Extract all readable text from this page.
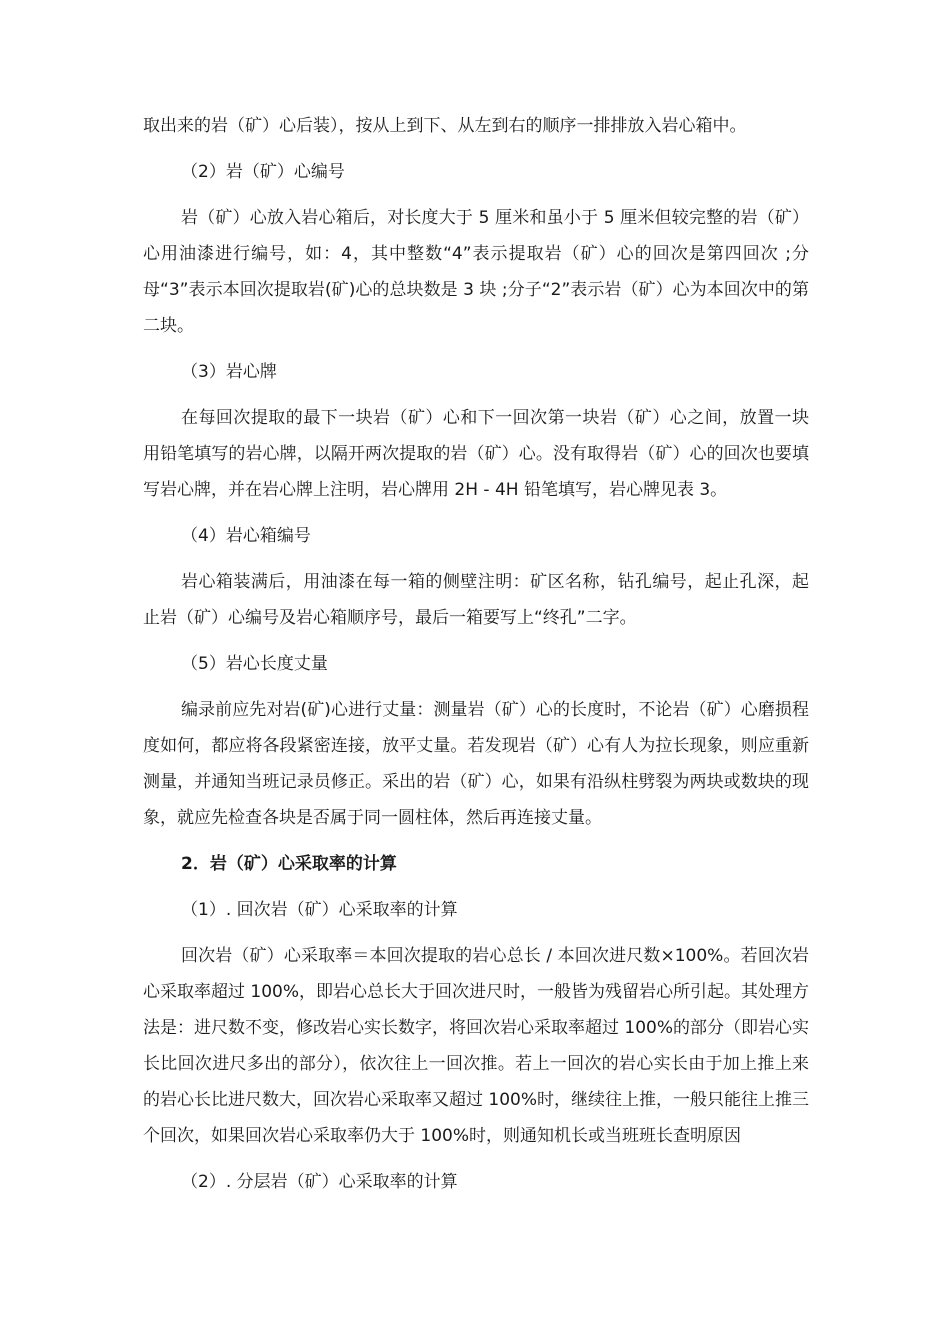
取出来的岩（矿）心后装），按从上到下、从左到右的顺序一排排放入岩心箱中。

（2）岩（矿）心编号

岩（矿）心放入岩心箱后，对长度大于 5 厘米和虽小于 5 厘米但较完整的岩（矿）心用油漆进行编号，如：4，其中整数“4”表示提取岩（矿）心的回次是第四回次 ;分母“3”表示本回次提取岩(矿)心的总块数是 3 块 ;分子“2”表示岩（矿）心为本回次中的第二块。

（3）岩心牌

在每回次提取的最下一块岩（矿）心和下一回次第一块岩（矿）心之间，放置一块用铅笔填写的岩心牌，以隔开两次提取的岩（矿）心。没有取得岩（矿）心的回次也要填写岩心牌，并在岩心牌上注明，岩心牌用 2H - 4H 铅笔填写，岩心牌见表 3。

（4）岩心箱编号

岩心箱装满后，用油漆在每一箱的侧壁注明：矿区名称，钻孔编号，起止孔深，起止岩（矿）心编号及岩心箱顺序号，最后一箱要写上“终孔”二字。

（5）岩心长度丈量

编录前应先对岩(矿)心进行丈量：测量岩（矿）心的长度时，不论岩（矿）心磨损程度如何，都应将各段紧密连接，放平丈量。若发现岩（矿）心有人为拉长现象，则应重新测量，并通知当班记录员修正。采出的岩（矿）心，如果有沿纵柱劈裂为两块或数块的现象，就应先检查各块是否属于同一圆柱体，然后再连接丈量。

2．岩（矿）心采取率的计算

（1）. 回次岩（矿）心采取率的计算

回次岩（矿）心采取率＝本回次提取的岩心总长 / 本回次进尺数×100%。若回次岩心采取率超过 100%，即岩心总长大于回次进尺时，一般皆为残留岩心所引起。其处理方法是：进尺数不变，修改岩心实长数字，将回次岩心采取率超过 100%的部分（即岩心实长比回次进尺多出的部分），依次往上一回次推。若上一回次的岩心实长由于加上推上来的岩心长比进尺数大，回次岩心采取率又超过 100%时，继续往上推，一般只能往上推三个回次，如果回次岩心采取率仍大于 100%时，则通知机长或当班班长查明原因

（2）. 分层岩（矿）心采取率的计算
